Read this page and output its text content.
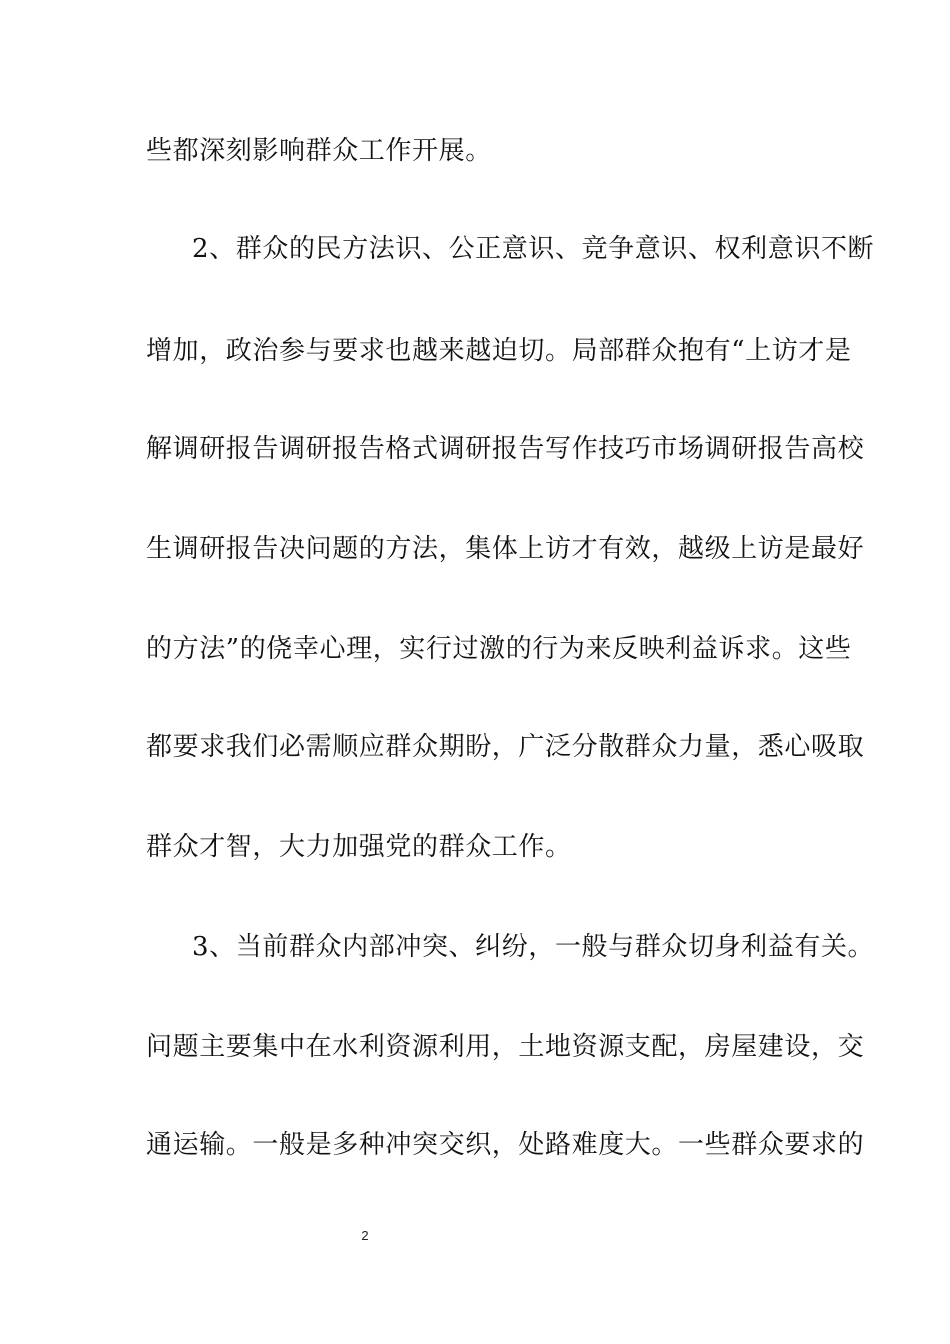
些都深刻影响群众工作开展。
2、群众的民方法识、公正意识、竞争意识、权利意识不断
增加，政治参与要求也越来越迫切。局部群众抱有“上访才是
解调研报告调研报告格式调研报告写作技巧市场调研报告高校
生调研报告决问题的方法，集体上访才有效，越级上访是最好
的方法”的侥幸心理，实行过激的行为来反映利益诉求。这些
都要求我们必需顺应群众期盼，广泛分散群众力量，悉心吸取
群众才智，大力加强党的群众工作。
3、当前群众内部冲突、纠纷，一般与群众切身利益有关。
问题主要集中在水利资源利用，土地资源支配，房屋建设，交
通运输。一般是多种冲突交织，处路难度大。一些群众要求的
2
